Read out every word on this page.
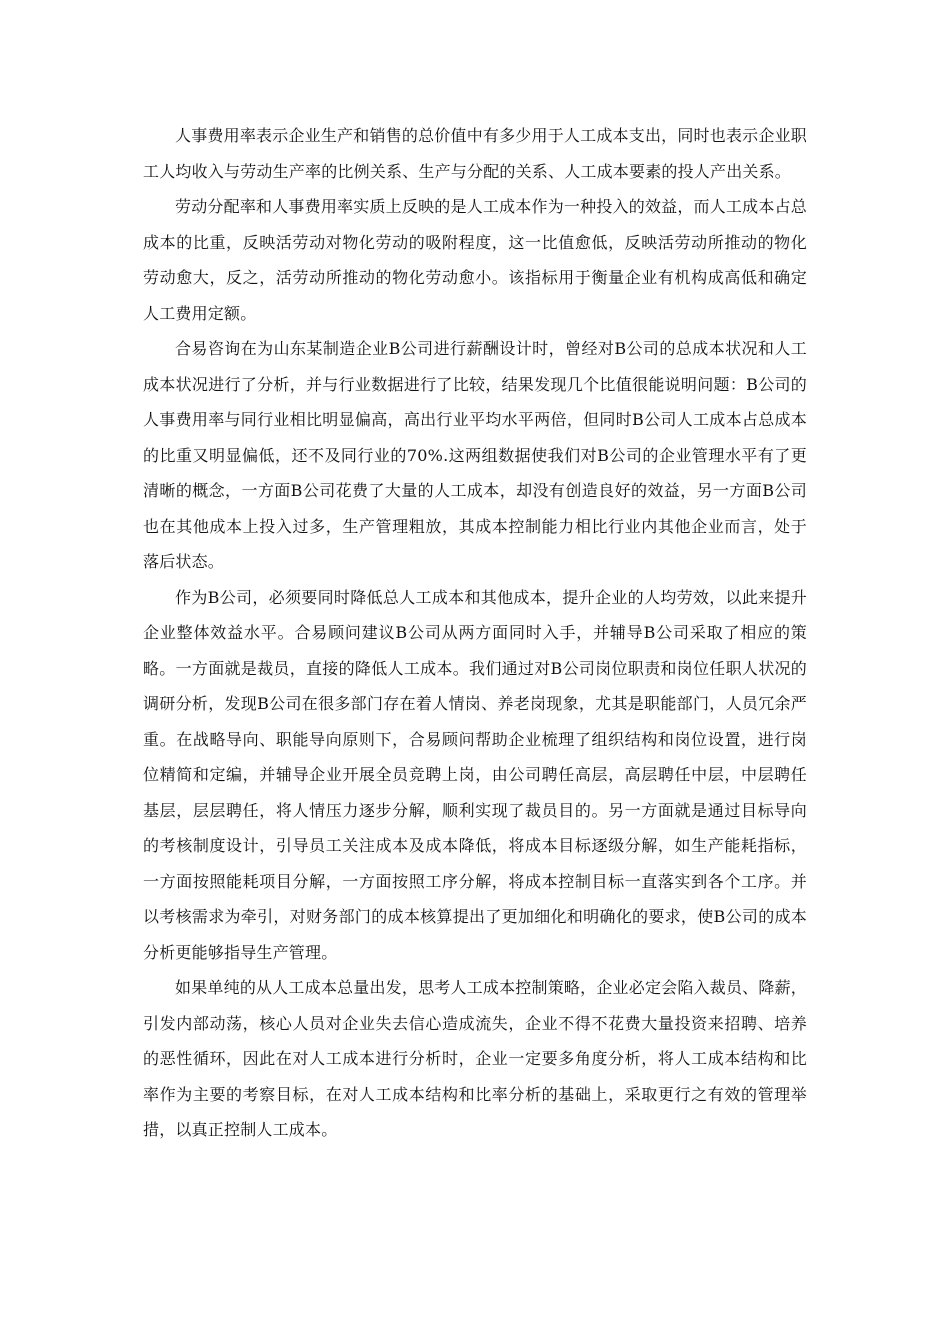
人事费用率表示企业生产和销售的总价值中有多少用于人工成本支出，同时也表示企业职工人均收入与劳动生产率的比例关系、生产与分配的关系、人工成本要素的投人产出关系。

劳动分配率和人事费用率实质上反映的是人工成本作为一种投入的效益，而人工成本占总成本的比重，反映活劳动对物化劳动的吸附程度，这一比值愈低，反映活劳动所推动的物化劳动愈大，反之，活劳动所推动的物化劳动愈小。该指标用于衡量企业有机构成高低和确定人工费用定额。

合易咨询在为山东某制造企业B公司进行薪酬设计时，曾经对B公司的总成本状况和人工成本状况进行了分析，并与行业数据进行了比较，结果发现几个比值很能说明问题：B公司的人事费用率与同行业相比明显偏高，高出行业平均水平两倍，但同时B公司人工成本占总成本的比重又明显偏低，还不及同行业的70%.这两组数据使我们对B公司的企业管理水平有了更清晰的概念，一方面B公司花费了大量的人工成本，却没有创造良好的效益，另一方面B公司也在其他成本上投入过多，生产管理粗放，其成本控制能力相比行业内其他企业而言，处于落后状态。

作为B公司，必须要同时降低总人工成本和其他成本，提升企业的人均劳效，以此来提升企业整体效益水平。合易顾问建议B公司从两方面同时入手，并辅导B公司采取了相应的策略。一方面就是裁员，直接的降低人工成本。我们通过对B公司岗位职责和岗位任职人状况的调研分析，发现B公司在很多部门存在着人情岗、养老岗现象，尤其是职能部门，人员冗余严重。在战略导向、职能导向原则下，合易顾问帮助企业梳理了组织结构和岗位设置，进行岗位精简和定编，并辅导企业开展全员竞聘上岗，由公司聘任高层，高层聘任中层，中层聘任基层，层层聘任，将人情压力逐步分解，顺利实现了裁员目的。另一方面就是通过目标导向的考核制度设计，引导员工关注成本及成本降低，将成本目标逐级分解，如生产能耗指标，一方面按照能耗项目分解，一方面按照工序分解，将成本控制目标一直落实到各个工序。并以考核需求为牵引，对财务部门的成本核算提出了更加细化和明确化的要求，使B公司的成本分析更能够指导生产管理。

如果单纯的从人工成本总量出发，思考人工成本控制策略，企业必定会陷入裁员、降薪，引发内部动荡，核心人员对企业失去信心造成流失，企业不得不花费大量投资来招聘、培养的恶性循环，因此在对人工成本进行分析时，企业一定要多角度分析，将人工成本结构和比率作为主要的考察目标，在对人工成本结构和比率分析的基础上，采取更行之有效的管理举措，以真正控制人工成本。
